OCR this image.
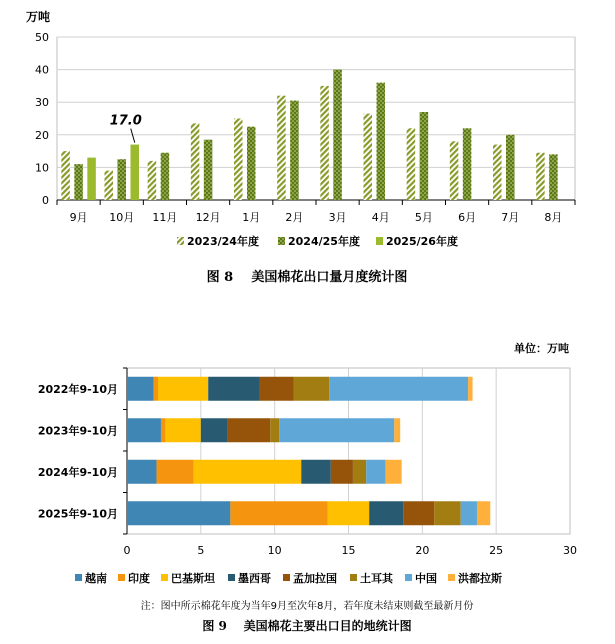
0
10
20
30
40
50
9月 10月 11月 12月 1月 2月 3月 4月 5月 6月 7月 8月
万吨
17.0
2023/24年度	2024/25年度 2025/26年度
图 8    美国棉花出口量月度统计图
单位：万吨
2022年9-10月
2023年9-10月
2024年9-10月
2025年9-10月
0	5	10	15	20	25	30
越南 印度 巴基斯坦 墨西哥 孟加拉国 土耳其 中国 洪都拉斯
注：图中所示棉花年度为当年9月至次年8月，若年度未结束则截至最新月份
图 9    美国棉花主要出口目的地统计图
